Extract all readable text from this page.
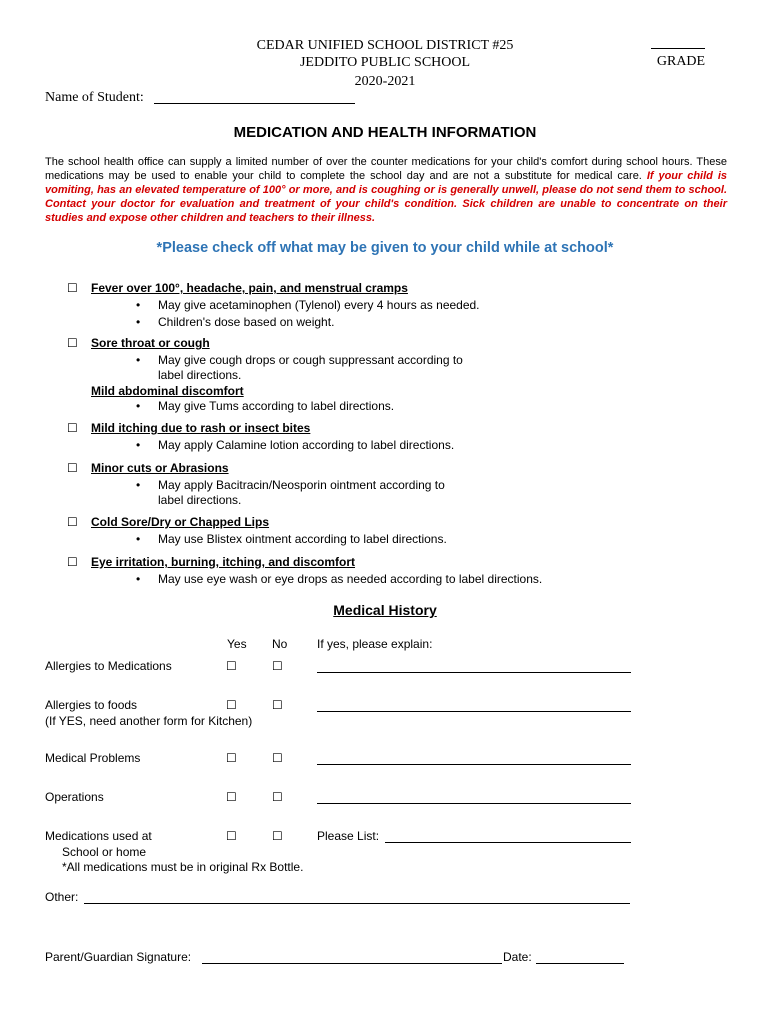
CEDAR UNIFIED SCHOOL DISTRICT #25
JEDDITO PUBLIC SCHOOL
2020-2021
GRADE
Name of Student:
MEDICATION AND HEALTH INFORMATION
The school health office can supply a limited number of over the counter medications for your child's comfort during school hours. These medications may be used to enable your child to complete the school day and are not a substitute for medical care. If your child is vomiting, has an elevated temperature of 100° or more, and is coughing or is generally unwell, please do not send them to school. Contact your doctor for evaluation and treatment of your child's condition. Sick children are unable to concentrate on their studies and expose other children and teachers to their illness.
*Please check off what may be given to your child while at school*
☐ Fever over 100°, headache, pain, and menstrual cramps
• May give acetaminophen (Tylenol) every 4 hours as needed.
• Children's dose based on weight.
☐ Sore throat or cough
• May give cough drops or cough suppressant according to label directions.
Mild abdominal discomfort
• May give Tums according to label directions.
☐ Mild itching due to rash or insect bites
• May apply Calamine lotion according to label directions.
☐ Minor cuts or Abrasions
• May apply Bacitracin/Neosporin ointment according to label directions.
☐ Cold Sore/Dry or Chapped Lips
• May use Blistex ointment according to label directions.
☐ Eye irritation, burning, itching, and discomfort
• May use eye wash or eye drops as needed according to label directions.
Medical History
Yes No If yes, please explain:
Allergies to Medications	☐	☐
Allergies to foods
(If YES, need another form for Kitchen)
☐	☐
Medical Problems	☐	☐
Operations	☐	☐
Medications used at
School or home
*All medications must be in original Rx Bottle.
☐	☐	Please List:
Other:
Parent/Guardian Signature:	Date:
